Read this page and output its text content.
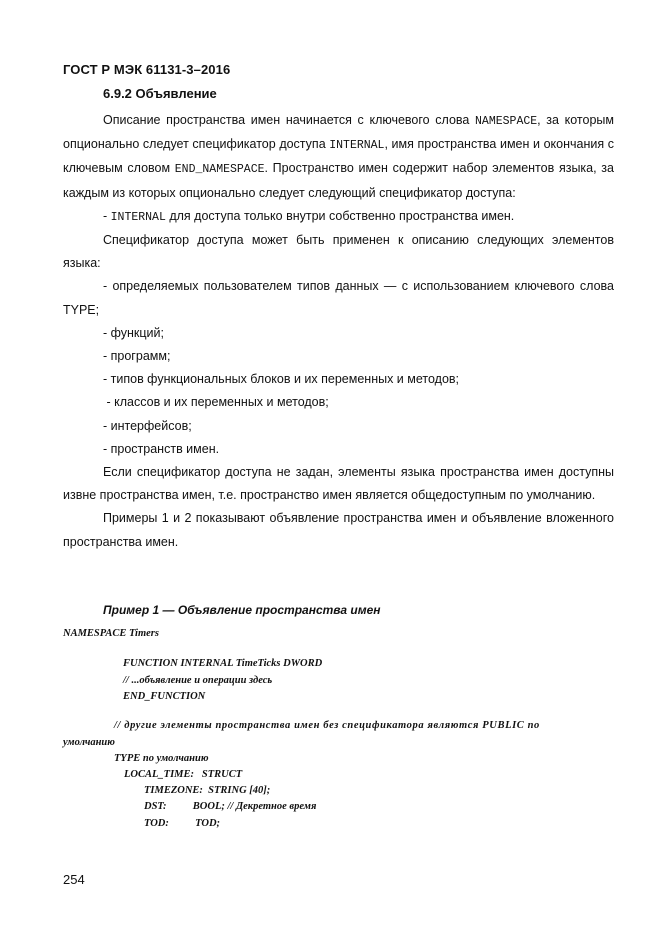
ГОСТ Р МЭК 61131-3–2016
6.9.2 Объявление

Описание пространства имен начинается с ключевого слова NAMESPACE, за которым опционально следует спецификатор доступа INTERNAL, имя пространства имен и окончания с ключевым словом END_NAMESPACE. Пространство имен содержит набор элементов языка, за каждым из которых опционально следует следующий спецификатор доступа:

- INTERNAL для доступа только внутри собственно пространства имен.

Спецификатор доступа может быть применен к описанию следующих элементов языка:

- определяемых пользователем типов данных — с использованием ключевого слова TYPE;

- функций;

- программ;

- типов функциональных блоков и их переменных и методов;

- классов и их переменных и методов;

- интерфейсов;

- пространств имен.

Если спецификатор доступа не задан, элементы языка пространства имен доступны извне пространства имен, т.е. пространство имен является общедоступным по умолчанию.

Примеры 1 и 2 показывают объявление пространства имен и объявление вложенного пространства имен.

Пример 1 — Объявление пространства имен
NAMESPACE Timers
FUNCTION INTERNAL TimeTicks DWORD
// ...объявление и операции здесь
END_FUNCTION
// другие элементы пространства имен без спецификатора являются PUBLIC по
умолчанию
TYPE по умолчанию
LOCAL_TIME:   STRUCT
TIMEZONE:  STRING [40];
DST:          BOOL; // Декретное время
TOD:          TOD;
254
